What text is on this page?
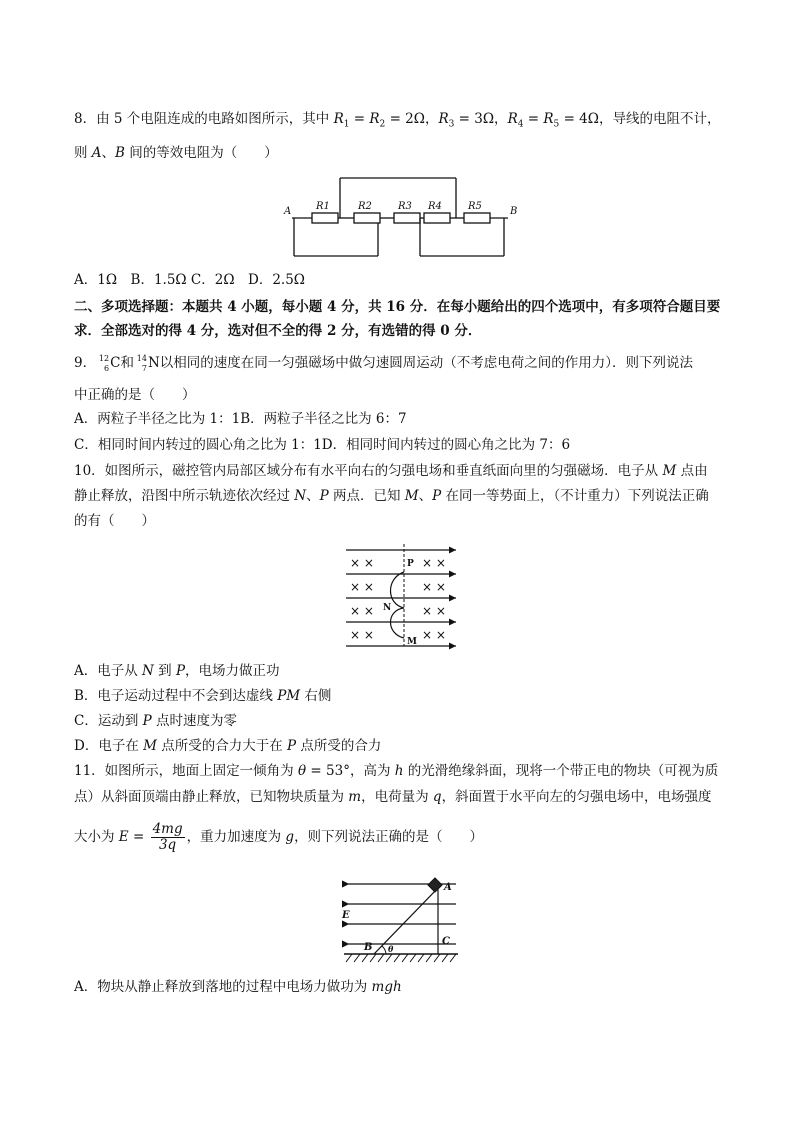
8．由 5 个电阻连成的电路如图所示，其中 $R_1 = R_2 = 2\Omega$，$R_3 = 3\Omega$，$R_4 = R_5 = 4\Omega$，导线的电阻不计，
则 A、B 间的等效电阻为（　　）
A	B
R1	R2	R3 R4	R5
A．1Ω　B．1.5Ω C．2Ω　D．2.5Ω
二、多项选择题：本题共 4 小题，每小题 4 分，共 16 分．在每小题给出的四个选项中，有多项符合题目要
求．全部选对的得 4 分，选对但不全的得 2 分，有选错的得 0 分．
9． 12
6 C和 14
7 N以相同的速度在同一匀强磁场中做匀速圆周运动（不考虑电荷之间的作用力）．则下列说法
中正确的是（　　）
A．两粒子半径之比为 1：1B．两粒子半径之比为 6：7
C．相同时间内转过的圆心角之比为 1：1D．相同时间内转过的圆心角之比为 7：6
10．如图所示，磁控管内局部区域分布有水平向右的匀强电场和垂直纸面向里的匀强磁场．电子从 M 点由
静止释放，沿图中所示轨迹依次经过 N、P 两点．已知 M、P 在同一等势面上，（不计重力）下列说法正确
的有（　　）
× ×	× ×
× ×	× ×
× ×	× ×
× ×	× ×
P
N
M
A．电子从 N 到 P，电场力做正功
B．电子运动过程中不会到达虚线 PM 右侧
C．运动到 P 点时速度为零
D．电子在 M 点所受的合力大于在 P 点所受的合力
11．如图所示，地面上固定一倾角为 θ = 53°，高为 h 的光滑绝缘斜面，现将一个带正电的物块（可视为质
点）从斜面顶端由静止释放，已知物块质量为 m，电荷量为 q，斜面置于水平向左的匀强电场中，电场强度
大小为 $E = \frac{4mg}{3q}$ ，重力加速度为 g，则下列说法正确的是（　　）
A
B
C
E
θ
A．物块从静止释放到落地的过程中电场力做功为 mgh
